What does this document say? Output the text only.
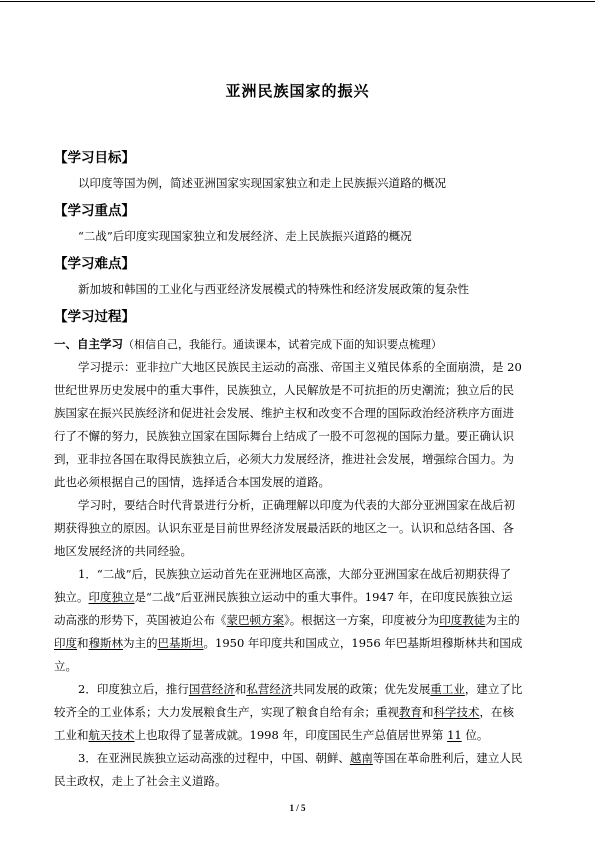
亚洲民族国家的振兴
【学习目标】
以印度等国为例，简述亚洲国家实现国家独立和走上民族振兴道路的概况
【学习重点】
“二战”后印度实现国家独立和发展经济、走上民族振兴道路的概况
【学习难点】
新加坡和韩国的工业化与西亚经济发展模式的特殊性和经济发展政策的复杂性
【学习过程】
一、自主学习（相信自己，我能行。通读课本，试着完成下面的知识要点梳理）
学习提示：亚非拉广大地区民族民主运动的高涨、帝国主义殖民体系的全面崩溃，是 20
世纪世界历史发展中的重大事件，民族独立，人民解放是不可抗拒的历史潮流；独立后的民
族国家在振兴民族经济和促进社会发展、维护主权和改变不合理的国际政治经济秩序方面进
行了不懈的努力，民族独立国家在国际舞台上结成了一股不可忽视的国际力量。要正确认识
到，亚非拉各国在取得民族独立后，必须大力发展经济，推进社会发展，增强综合国力。为
此也必须根据自己的国情，选择适合本国发展的道路。
学习时，要结合时代背景进行分析，正确理解以印度为代表的大部分亚洲国家在战后初
期获得独立的原因。认识东亚是目前世界经济发展最活跃的地区之一。认识和总结各国、各
地区发展经济的共同经验。
1．“二战”后，民族独立运动首先在亚洲地区高涨，大部分亚洲国家在战后初期获得了
独立。印度独立是“二战”后亚洲民族独立运动中的重大事件。1947 年，在印度民族独立运
动高涨的形势下，英国被迫公布《蒙巴顿方案》。根据这一方案，印度被分为印度教徒为主的
印度和穆斯林为主的巴基斯坦。1950 年印度共和国成立，1956 年巴基斯坦穆斯林共和国成
立。
2．印度独立后，推行国营经济和私营经济共同发展的政策；优先发展重工业，建立了比
较齐全的工业体系；大力发展粮食生产，实现了粮食自给有余；重视教育和科学技术，在核
工业和航天技术上也取得了显著成就。1998 年，印度国民生产总值居世界第 11 位。
3．在亚洲民族独立运动高涨的过程中，中国、朝鲜、越南等国在革命胜利后，建立人民
民主政权，走上了社会主义道路。
1 / 5
